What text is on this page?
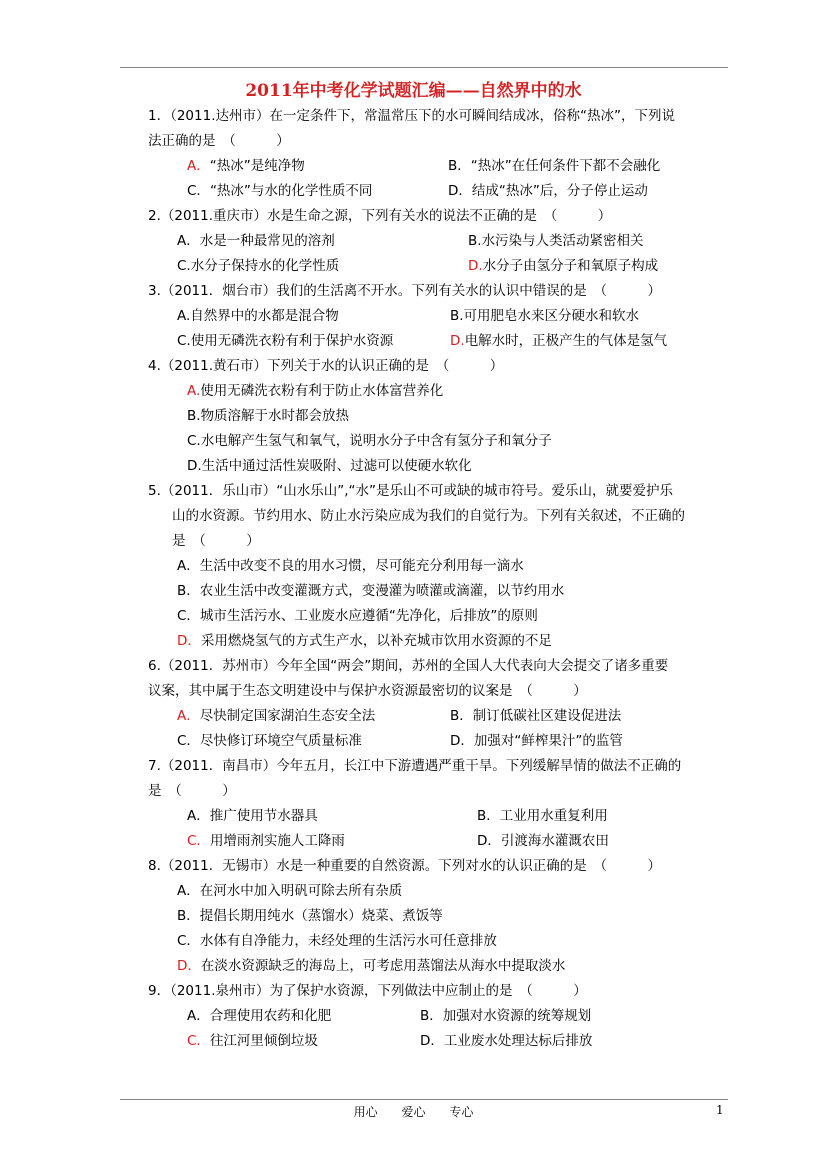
2011年中考化学试题汇编——自然界中的水
1．（2011.达州市）在一定条件下，常温常压下的水可瞬间结成冰，俗称“热冰”，下列说
法正确的是　（　　　）
A．“热冰”是纯净物	B．“热冰”在任何条件下都不会融化
C．“热冰”与水的化学性质不同	D．结成“热冰”后，分子停止运动
2.（2011.重庆市）水是生命之源，下列有关水的说法不正确的是　（　　　）
A．水是一种最常见的溶剂	B.水污染与人类活动紧密相关
C.水分子保持水的化学性质	D.水分子由氢分子和氧原子构成
3.（2011．烟台市）我们的生活离不开水。下列有关水的认识中错误的是　（　　　）
A.自然界中的水都是混合物	B.可用肥皂水来区分硬水和软水
C.使用无磷洗衣粉有利于保护水资源	D.电解水时，正极产生的气体是氢气
4.（2011.黄石市）下列关于水的认识正确的是　（　　　）
A.使用无磷洗衣粉有利于防止水体富营养化
B.物质溶解于水时都会放热
C.水电解产生氢气和氧气，说明水分子中含有氢分子和氧分子
D.生活中通过活性炭吸附、过滤可以使硬水软化
5.（2011．乐山市）“山水乐山”,“水”是乐山不可或缺的城市符号。爱乐山，就要爱护乐
山的水资源。节约用水、防止水污染应成为我们的自觉行为。下列有关叙述，不正确的
是　（　　　）
A．生活中改变不良的用水习惯，尽可能充分利用每一滴水
B．农业生活中改变灌溉方式，变漫灌为喷灌或滴灌，以节约用水
C．城市生活污水、工业废水应遵循“先净化，后排放”的原则
D．采用燃烧氢气的方式生产水，以补充城市饮用水资源的不足
6.（2011．苏州市）今年全国“两会”期间，苏州的全国人大代表向大会提交了诸多重要
议案，其中属于生态文明建设中与保护水资源最密切的议案是　（　　　）
A．尽快制定国家湖泊生态安全法	B．制订低碳社区建设促进法
C．尽快修订环境空气质量标准	D．加强对“鲜榨果汁”的监管
7.（2011．南昌市）今年五月，长江中下游遭遇严重干旱。下列缓解旱情的做法不正确的
是　（　　　）
A．推广使用节水器具	B．工业用水重复利用
C．用增雨剂实施人工降雨	D．引渡海水灌溉农田
8.（2011．无锡市）水是一种重要的自然资源。下列对水的认识正确的是　（　　　）
A．在河水中加入明矾可除去所有杂质
B．提倡长期用纯水（蒸馏水）烧菜、煮饭等
C．水体有自净能力，未经处理的生活污水可任意排放
D．在淡水资源缺乏的海岛上，可考虑用蒸馏法从海水中提取淡水
9．（2011.泉州市）为了保护水资源，下列做法中应制止的是　（　　　）
A．合理使用农药和化肥	B．加强对水资源的统筹规划
C．往江河里倾倒垃圾	D．工业废水处理达标后排放
用心 爱心 专心	1
